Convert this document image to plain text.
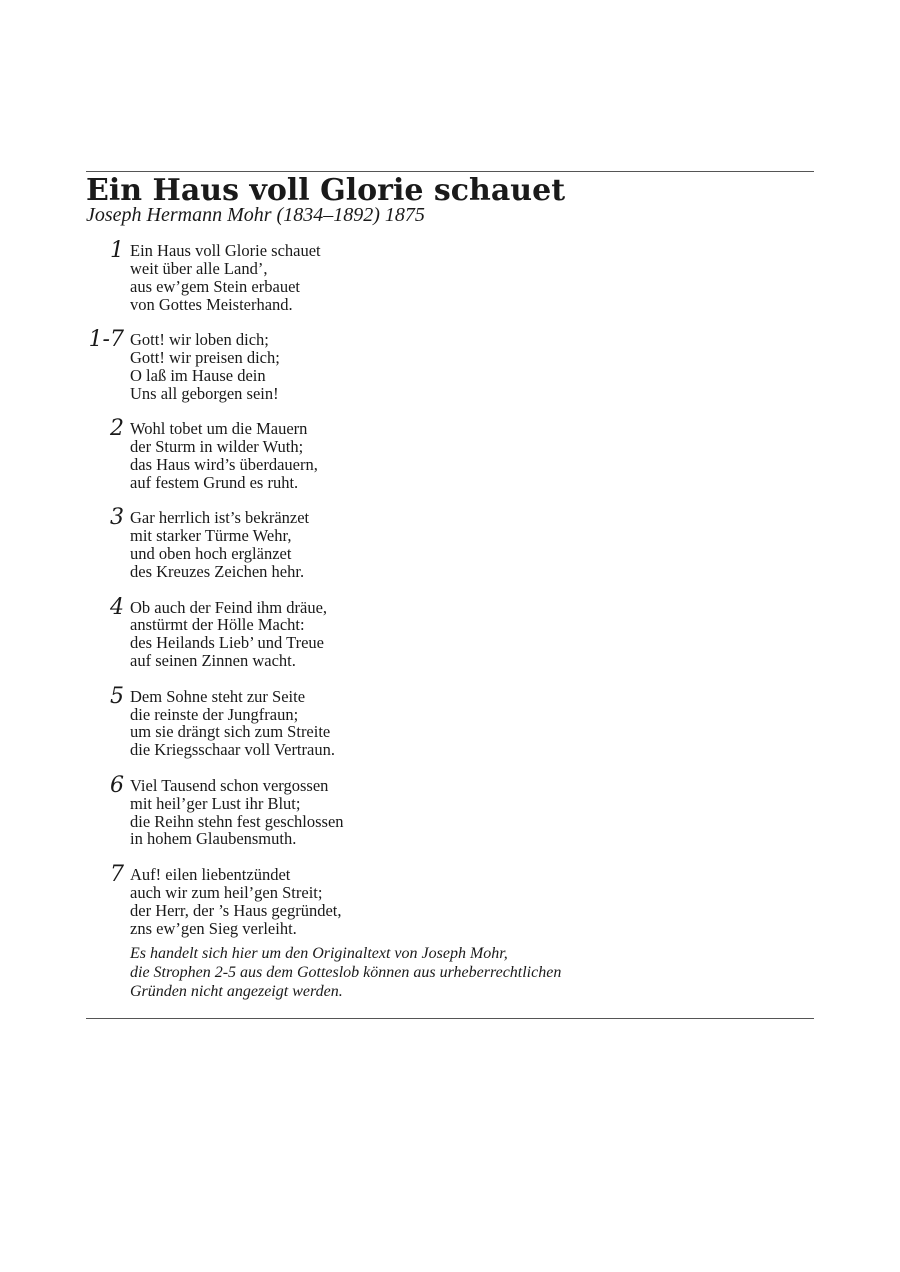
Ein Haus voll Glorie schauet
Joseph Hermann Mohr (1834–1892) 1875
1 Ein Haus voll Glorie schauet
weit über alle Land’,
aus ew’gem Stein erbauet
von Gottes Meisterhand.
1-7 Gott! wir loben dich;
Gott! wir preisen dich;
O laß im Hause dein
Uns all geborgen sein!
2 Wohl tobet um die Mauern
der Sturm in wilder Wuth;
das Haus wird’s überdauern,
auf festem Grund es ruht.
3 Gar herrlich ist’s bekränzet
mit starker Türme Wehr,
und oben hoch erglänzet
des Kreuzes Zeichen hehr.
4 Ob auch der Feind ihm dräue,
anstürmt der Hölle Macht:
des Heilands Lieb’ und Treue
auf seinen Zinnen wacht.
5 Dem Sohne steht zur Seite
die reinste der Jungfraun;
um sie drängt sich zum Streite
die Kriegsschaar voll Vertraun.
6 Viel Tausend schon vergossen
mit heil’ger Lust ihr Blut;
die Reihn stehn fest geschlossen
in hohem Glaubensmuth.
7 Auf! eilen liebentzündet
auch wir zum heil’gen Streit;
der Herr, der ’s Haus gegründet,
zns ew’gen Sieg verleiht.
Es handelt sich hier um den Originaltext von Joseph Mohr,
die Strophen 2-5 aus dem Gotteslob können aus urheberrechtlichen
Gründen nicht angezeigt werden.
